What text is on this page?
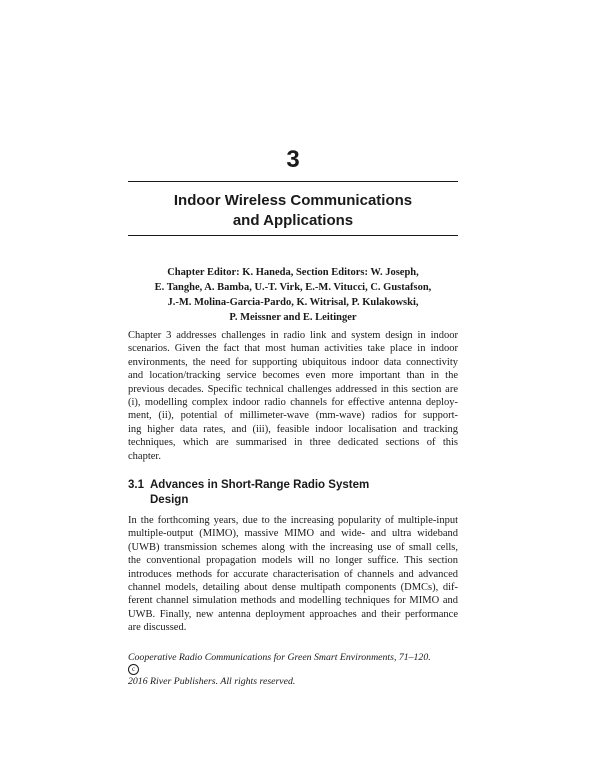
3
Indoor Wireless Communications
and Applications
Chapter Editor: K. Haneda, Section Editors: W. Joseph,
E. Tanghe, A. Bamba, U.-T. Virk, E.-M. Vitucci, C. Gustafson,
J.-M. Molina-Garcia-Pardo, K. Witrisal, P. Kulakowski,
P. Meissner and E. Leitinger
Chapter 3 addresses challenges in radio link and system design in indoor
scenarios. Given the fact that most human activities take place in indoor
environments, the need for supporting ubiquitous indoor data connectivity
and location/tracking service becomes even more important than in the
previous decades. Specific technical challenges addressed in this section are
(i), modelling complex indoor radio channels for effective antenna deploy-
ment, (ii), potential of millimeter-wave (mm-wave) radios for support-
ing higher data rates, and (iii), feasible indoor localisation and tracking
techniques, which are summarised in three dedicated sections of this
chapter.
3.1 Advances in Short-Range Radio System
Design
In the forthcoming years, due to the increasing popularity of multiple-input
multiple-output (MIMO), massive MIMO and wide- and ultra wideband
(UWB) transmission schemes along with the increasing use of small cells,
the conventional propagation models will no longer suffice. This section
introduces methods for accurate characterisation of channels and advanced
channel models, detailing about dense multipath components (DMCs), dif-
ferent channel simulation methods and modelling techniques for MIMO and
UWB. Finally, new antenna deployment approaches and their performance
are discussed.
Cooperative Radio Communications for Green Smart Environments, 71–120.
c
2016 River Publishers. All rights reserved.
